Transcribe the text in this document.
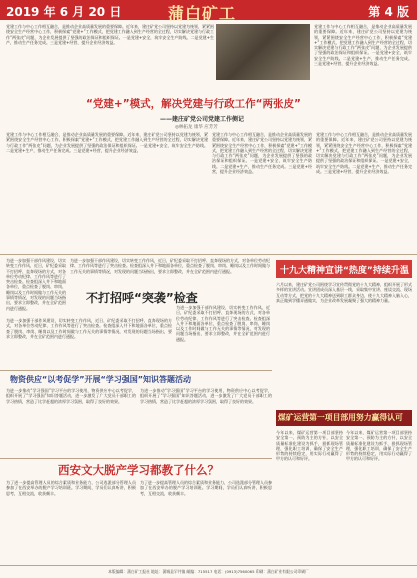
2019 年 6 月 20 日	蒲白矿工	第 4 版
党建工作与中心工作相互融合，是推动企业高质量发展的重要保障。近年来，建庄矿党公司坚持以党建为统领，紧紧围绕安全生产经营中心工作，积极探索“党建+”工作模式，把党建工作融入到生产经营的全过程，切实解决党建与行政工作“两张皮”问题，为企业发展提供了坚强的政治保证和组织保证。一是党建+安全，筑牢安全生产防线。二是党建+生产，推动生产任务完成。三是党建+经营，提升企业经济效益。
党建工作与中心工作相互融合，是推动企业高质量发展的重要保障。近年来，建庄矿党公司坚持以党建为统领，紧紧围绕安全生产经营中心工作，积极探索“党建+”工作模式，把党建工作融入到生产经营的全过程，切实解决党建与行政工作“两张皮”问题，为企业发展提供了坚强的政治保证和组织保证。一是党建+安全，筑牢安全生产防线。二是党建+生产，推动生产任务完成。三是党建+经营，提升企业经济效益。
“党建+”模式，解决党建与行政工作“两张皮”
——建庄矿党公司党建工作侧记
◎林拓龙 康华 应芳芳
党建工作与中心工作相互融合，是推动企业高质量发展的重要保障。近年来，建庄矿党公司坚持以党建为统领，紧紧围绕安全生产经营中心工作，积极探索“党建+”工作模式，把党建工作融入到生产经营的全过程，切实解决党建与行政工作“两张皮”问题，为企业发展提供了坚强的政治保证和组织保证。一是党建+安全，筑牢安全生产防线。二是党建+生产，推动生产任务完成。三是党建+经营，提升企业经济效益。
党建工作与中心工作相互融合，是推动企业高质量发展的重要保障。近年来，建庄矿党公司坚持以党建为统领，紧紧围绕安全生产经营中心工作，积极探索“党建+”工作模式，把党建工作融入到生产经营的全过程，切实解决党建与行政工作“两张皮”问题，为企业发展提供了坚强的政治保证和组织保证。一是党建+安全，筑牢安全生产防线。二是党建+生产，推动生产任务完成。三是党建+经营，提升企业经济效益。
党建工作与中心工作相互融合，是推动企业高质量发展的重要保障。近年来，建庄矿党公司坚持以党建为统领，紧紧围绕安全生产经营中心工作，积极探索“党建+”工作模式，把党建工作融入到生产经营的全过程，切实解决党建与行政工作“两张皮”问题，为企业发展提供了坚强的政治保证和组织保证。一是党建+安全，筑牢安全生产防线。二是党建+生产，推动生产任务完成。三是党建+经营，提升企业经济效益。
为进一步加强干部作风建设，切实转变工作作风，近日，矿纪委采取不打招呼、直奔现场的方式，对各单位劳动纪律、工作作风等进行了突击检查。检查组深入井下和地面各单位，重点检查了脱岗、串岗、睡岗以及工作时间做与工作无关的事情等情况，对发现的问题当场指出，要求立即整改，并在全矿范围内进行通报。
为进一步加强干部作风建设，切实转变工作作风，近日，矿纪委采取不打招呼、直奔现场的方式，对各单位劳动纪律、工作作风等进行了突击检查。检查组深入井下和地面各单位，重点检查了脱岗、串岗、睡岗以及工作时间做与工作无关的事情等情况，对发现的问题当场指出，要求立即整改，并在全矿范围内进行通报。
不打招呼“突袭”检查
为进一步加强干部作风建设，切实转变工作作风，近日，矿纪委采取不打招呼、直奔现场的方式，对各单位劳动纪律、工作作风等进行了突击检查。检查组深入井下和地面各单位，重点检查了脱岗、串岗、睡岗以及工作时间做与工作无关的事情等情况，对发现的问题当场指出，要求立即整改，并在全矿范围内进行通报。
为进一步加强干部作风建设，切实转变工作作风，近日，矿纪委采取不打招呼、直奔现场的方式，对各单位劳动纪律、工作作风等进行了突击检查。检查组深入井下和地面各单位，重点检查了脱岗、串岗、睡岗以及工作时间做与工作无关的事情等情况，对发现的问题当场指出，要求立即整改，并在全矿范围内进行通报。
十九大精神宣讲“热度”持续升温
六月以来，建庄矿党公司围绕学习宣传贯彻党的十九大精神，组织开展了形式多样的宣讲活动。宣讲团成员深入基层一线，采取集中宣讲、座谈交流、现场互动等方式，把党的十九大精神送到职工群众身边，使十九大精神入脑入心，真正做到学懂弄通做实，为企业改革发展凝聚了强大的精神力量。
物资供应“以考促学”开展“学习强国”知识答题活动
为进一步推动“学习强国”学习平台的学习使用，物资供应中心以考促学，组织开展了“学习强国”知识答题活动，进一步激发了广大党员干部职工的学习热情，营造了比学赶超的浓厚学习氛围，取得了良好的效果。
为进一步推动“学习强国”学习平台的学习使用，物资供应中心以考促学，组织开展了“学习强国”知识答题活动，进一步激发了广大党员干部职工的学习热情，营造了比学赶超的浓厚学习氛围，取得了良好的效果。
煤矿运营第一项目部用努力赢得认可
今年以来，煤矿运营第一项目部坚持安全第一、预防为主的方针，以安全质量标准化建设为抓手，狠抓现场管理，强化职工培训，确保了安全生产形势的持续稳定，用实际行动赢得了甲方的认可和好评。
今年以来，煤矿运营第一项目部坚持安全第一、预防为主的方针，以安全质量标准化建设为抓手，狠抓现场管理，强化职工培训，确保了安全生产形势的持续稳定，用实际行动赢得了甲方的认可和好评。
西安文大脱产学习都教了什么？
为了进一步提高管理人员的综合素质和业务能力，公司选派部分管理人员参加了在西安举办的脱产学习培训班。学习期间，学员们认真听讲，积极思考，互相交流，收获颇丰。
为了进一步提高管理人员的综合素质和业务能力，公司选派部分管理人员参加了在西安举办的脱产学习培训班。学习期间，学员们认真听讲，积极思考，互相交流，收获颇丰。
本版编辑：蒲白矿工报社 地址：蒲城县罕井镇 邮编：715517 电话：(0913)7560065 印刷：蒲白矿业有限公司印刷厂
